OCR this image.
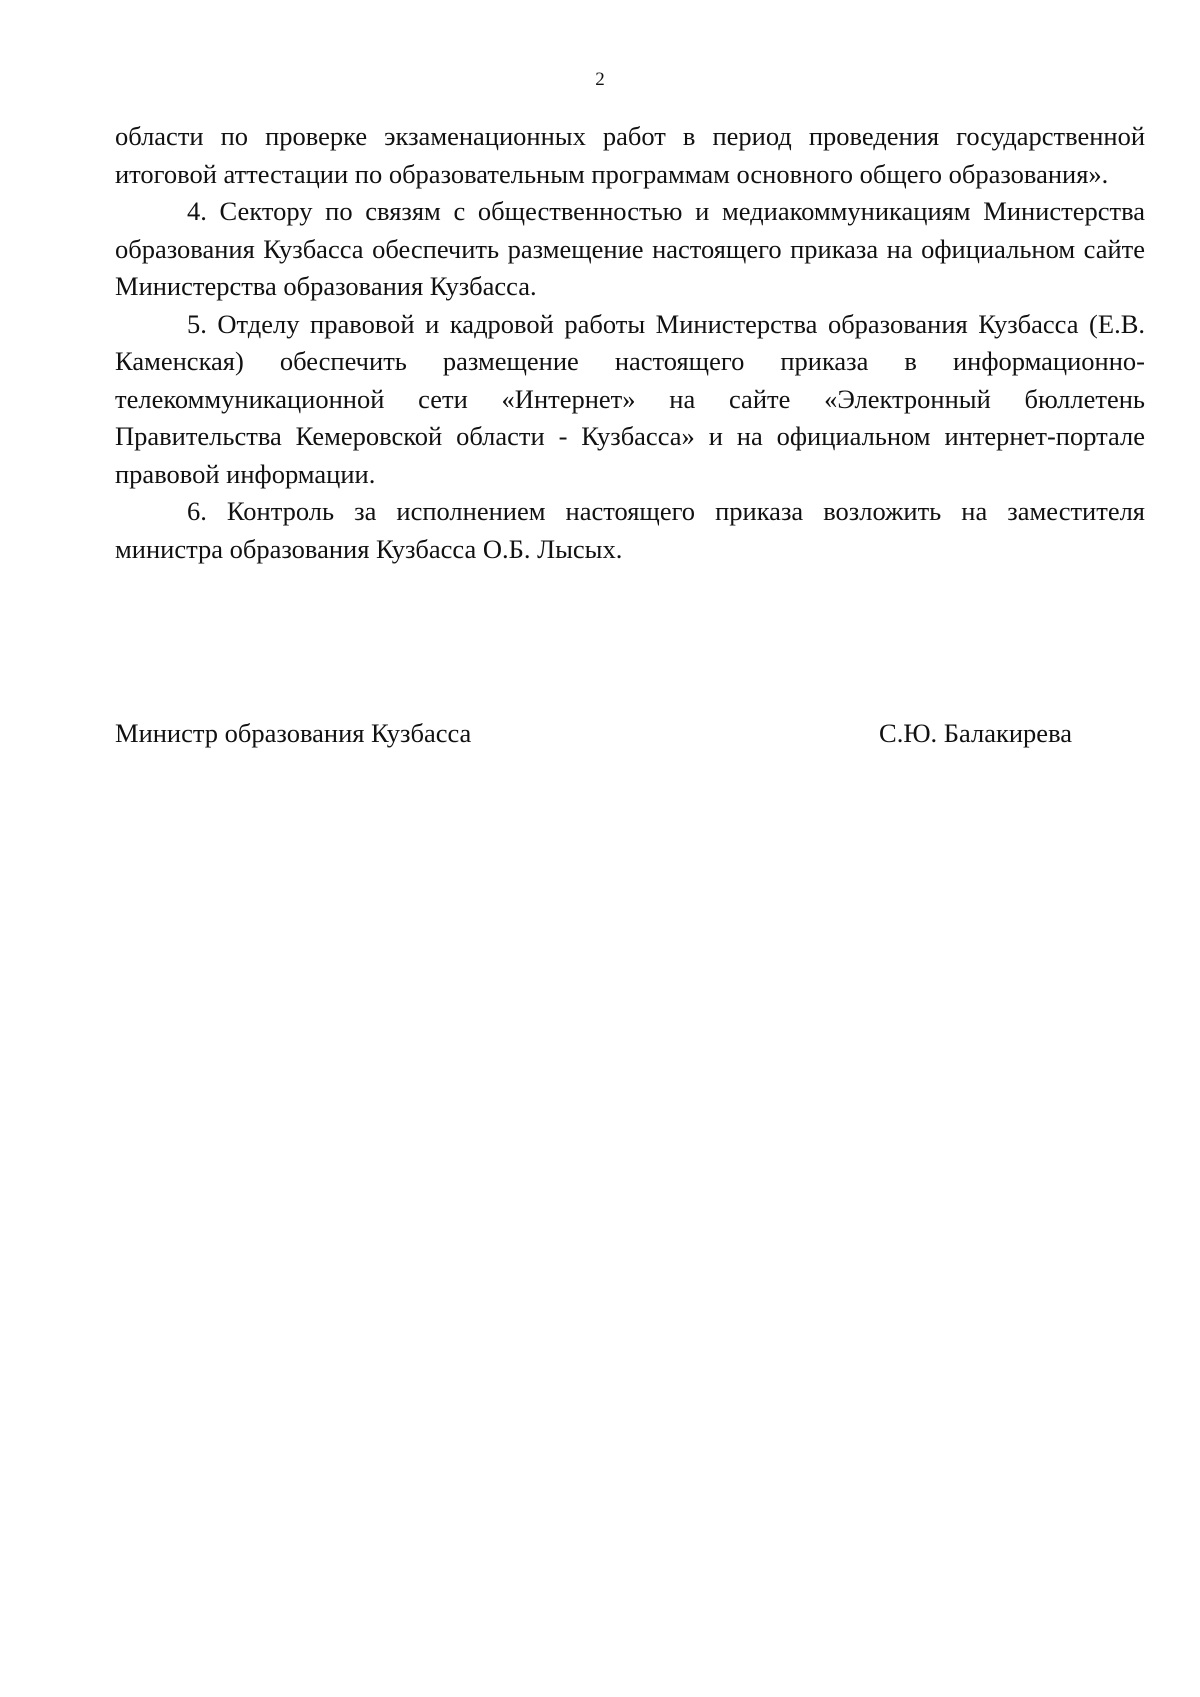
2

области по проверке экзаменационных работ в период проведения государственной итоговой аттестации по образовательным программам основного общего образования».

4. Сектору по связям с общественностью и медиакоммуникациям Министерства образования Кузбасса обеспечить размещение настоящего приказа на официальном сайте Министерства образования Кузбасса.

5. Отделу правовой и кадровой работы Министерства образования Кузбасса (Е.В. Каменская) обеспечить размещение настоящего приказа в информационно-телекоммуникационной сети «Интернет» на сайте «Электронный бюллетень Правительства Кемеровской области - Кузбасса» и на официальном интернет-портале правовой информации.

6. Контроль за исполнением настоящего приказа возложить на заместителя министра образования Кузбасса О.Б. Лысых.

Министр образования Кузбасса	С.Ю. Балакирева
